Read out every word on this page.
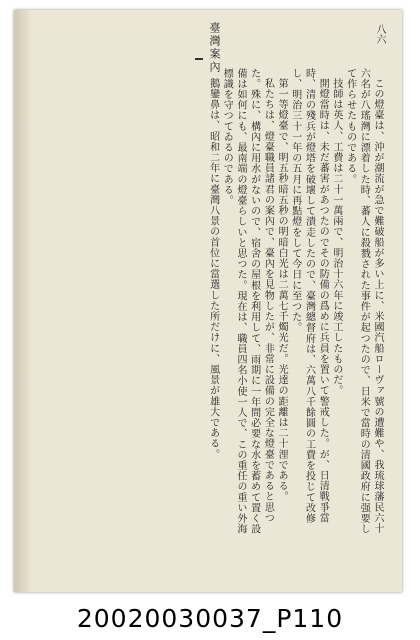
臺灣案內	八六

この燈臺は、沖が潮流が急で難破船が多い上に、米國汽船ローヴァ號の遭難や、我琉球藩民六十六名が八瑤灣に漂着した時、蕃人に殺戮された事件が起つたので、日米で當時の清國政府に强要して作らせたものである。

技師は英人、工費は二十一萬兩で、明治十六年に竣工したものだ。

開燈當時は、未だ蕃害があつたのでその防備の爲めに兵員を置いて警戒した。が、日清戰爭當時、清の殘兵が燈塔を破壞して潰走したので、臺灣總督府は、六萬八千餘圓の工費を投じて改修し、明治三十一年の五月に再點燈をして今日に至つた。

第一等燈臺で、明五秒暗五秒の明暗白光は二萬七千燭光だ。光達の距離は二十浬である。

私たちは、燈臺職員諸君の案內で、臺內を見物したが、非常に設備の完全な燈臺であると思つた。殊に、構內に用水がないので、宿舍の屋根を利用して、雨期に一年間必要な水を蓄めて置く設備は如何にも、最南端の燈臺らしいと思つた。現在は、職員四名小使一人で、この重任の重い外海標識を守つてゐるのである。

鵝鑾鼻は、昭和二年に臺灣八景の首位に當選した所だけに、風景が雄大である。

20020030037_P110
